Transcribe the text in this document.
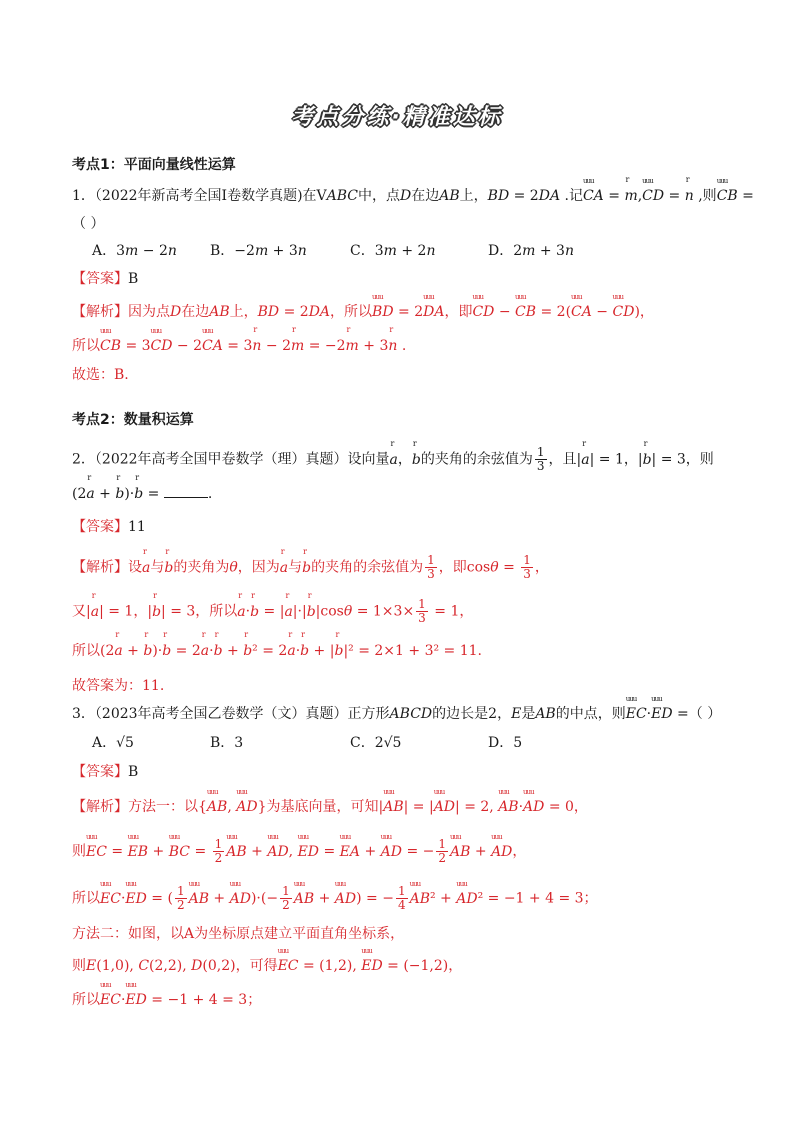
考点分练·精准达标
考点1：平面向量线性运算
1．（2022年新高考全国I卷数学真题)在VABC中，点D在边AB上，BD = 2DA .记uuu CA = r m,uuu CD = r n ,则uuu CB =
（ ）
A．3m − 2n B．−2m + 3n	C．3m + 2n	D．2m + 3n
【答案】B
【解析】因为点D在边AB上，BD = 2DA，所以uuu BD = 2uuu DA，即uuu CD − uuu CB = 2(uuu CA − uuu CD)，
所以uuu CB = 3uuu CD − 2uuu CA = 3r n − 2r m = −2r m + 3r n .
故选：B.
考点2：数量积运算
2．（2022年高考全国甲卷数学（理）真题）设向量r a，r b的夹角的余弦值为 $\frac{1}{3}$ ，且|r a| = 1，|r b| = 3，则
(2r a + r b)·r b =	.
【答案】11
【解析】设r a与r b的夹角为θ，因为r a与r b的夹角的余弦值为 $\frac{1}{3}$ ，即$\cos\theta = \frac{1}{3}$ ，
又|r a| = 1，|r b| = 3，所以r a·r b = |r a|·|r $b|\cos\theta = 1\times 3\times \frac{1}{3} = 1$，
所以(2r a + r b)·r b = 2r a·r b + r b² = 2r a·r b + |r b|² = 2×1 + 3² = 11.
故答案为：11.
3．（2023年高考全国乙卷数学（文）真题）正方形ABCD的边长是2，E是AB的中点，则uuu EC·uuu ED =（ ）
A．√5	B．3	C．2√5	D．5
【答案】B
【解析】方法一：以{uuu AB, uuu AD}为基底向量，可知|uuu AB| = |uuu AD| = 2, uuu AB·uuu AD = 0，
则uuu EC = uuu EB + uuu BC = $\frac{1}{2}$ uuu AB + uuu AD, uuu ED = uuu EA + uuu AD = − $\frac{1}{2}$ uuu AB + uuu AD，
所以uuu EC·uuu ED = ( $\frac{1}{2}$ uuu AB + uuu $AD)\cdot(- \frac{1}{2}$ uuu AB + uuu AD) = − $\frac{1}{4}$ uuu AB² + uuu AD² = −1 + 4 = 3；
方法二：如图，以A为坐标原点建立平面直角坐标系，
则E(1,0), C(2,2), D(0,2)，可得uuu EC = (1,2), uuu ED = (−1,2)，
所以uuu EC·uuu ED = −1 + 4 = 3；
